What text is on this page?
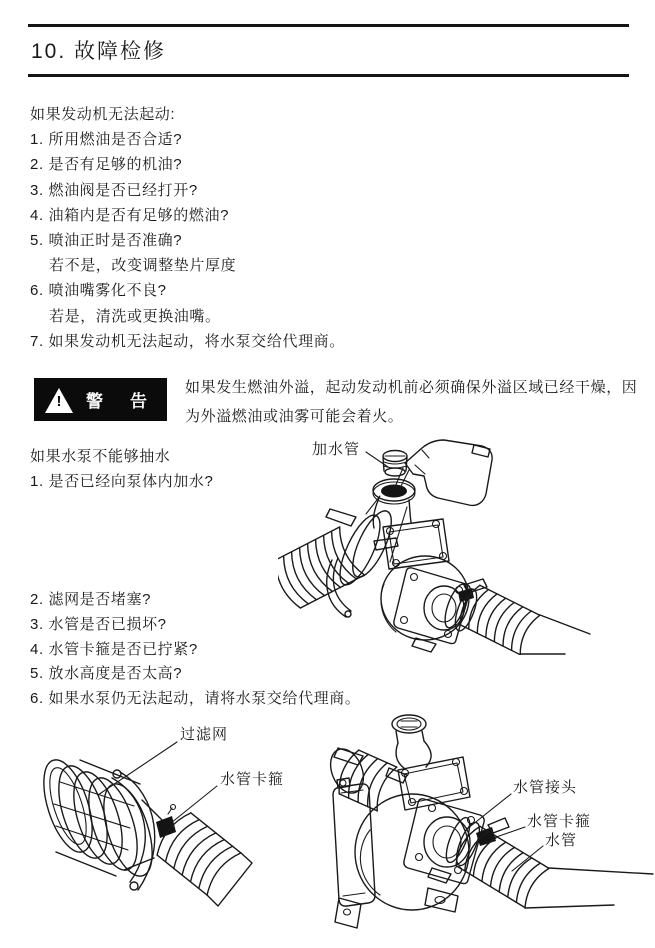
10. 故障检修
如果发动机无法起动:
1. 所用燃油是否合适?
2. 是否有足够的机油?
3. 燃油阀是否已经打开?
4. 油箱内是否有足够的燃油?
5. 喷油正时是否准确?
若不是，改变调整垫片厚度
6. 喷油嘴雾化不良?
若是，清洗或更换油嘴。
7. 如果发动机无法起动，将水泵交给代理商。
!	警 告
如果发生燃油外溢，起动发动机前必须确保外溢区域已经干燥，因
为外溢燃油或油雾可能会着火。
如果水泵不能够抽水
1. 是否已经向泵体内加水?
2. 滤网是否堵塞?
3. 水管是否已损坏?
4. 水管卡箍是否已拧紧?
5. 放水高度是否太高?
6. 如果水泵仍无法起动，请将水泵交给代理商。
加水管
过滤网
水管卡箍	水管接头
水管卡箍
水管
